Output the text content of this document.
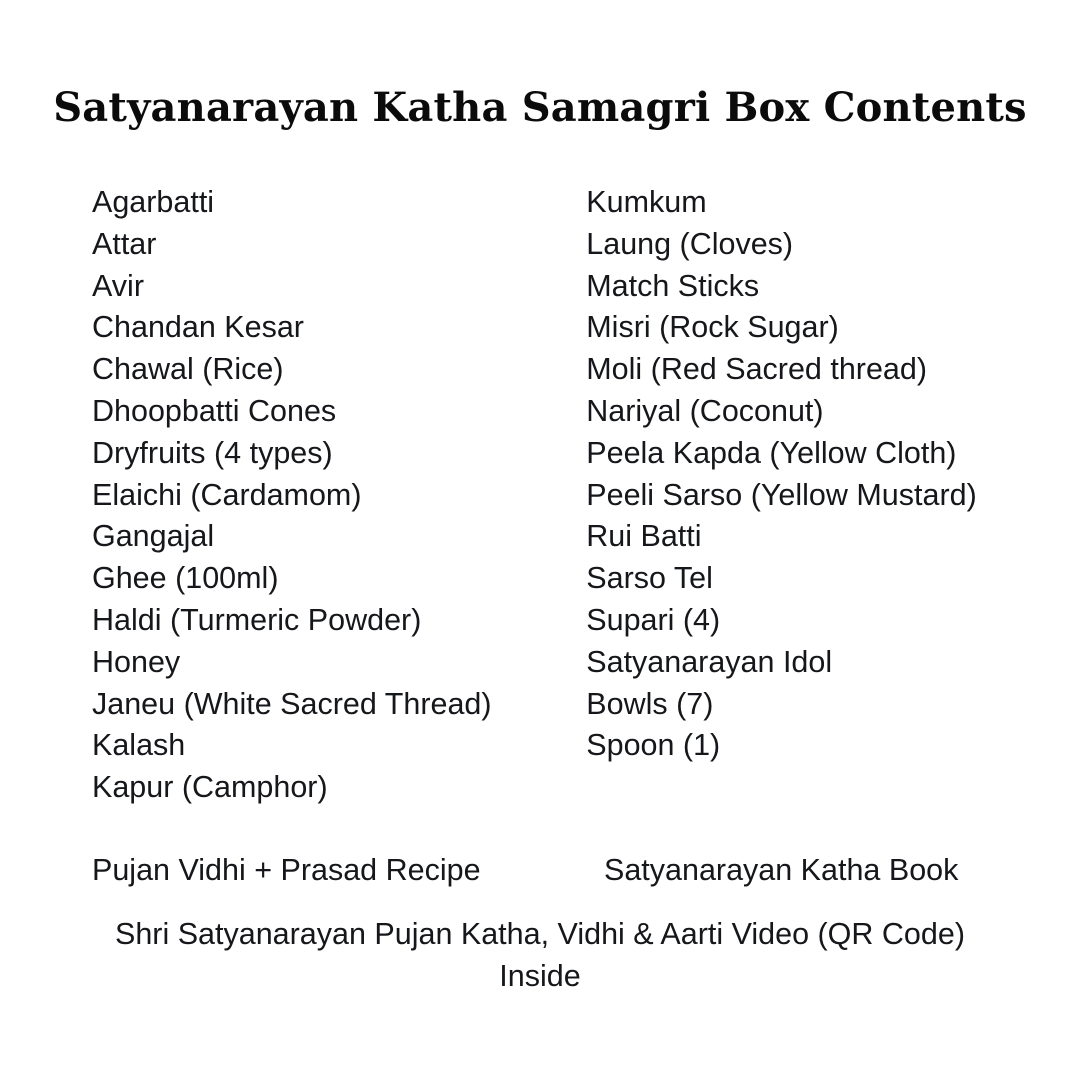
Satyanarayan Katha Samagri Box Contents
Agarbatti
Attar
Avir
Chandan Kesar
Chawal (Rice)
Dhoopbatti Cones
Dryfruits (4 types)
Elaichi (Cardamom)
Gangajal
Ghee (100ml)
Haldi (Turmeric Powder)
Honey
Janeu (White Sacred Thread)
Kalash
Kapur (Camphor)
Kumkum
Laung (Cloves)
Match Sticks
Misri (Rock Sugar)
Moli (Red Sacred thread)
Nariyal (Coconut)
Peela Kapda (Yellow Cloth)
Peeli Sarso (Yellow Mustard)
Rui Batti
Sarso Tel
Supari (4)
Satyanarayan Idol
Bowls (7)
Spoon (1)
Pujan Vidhi + Prasad Recipe	Satyanarayan Katha Book
Shri Satyanarayan Pujan Katha, Vidhi & Aarti Video (QR Code) Inside
